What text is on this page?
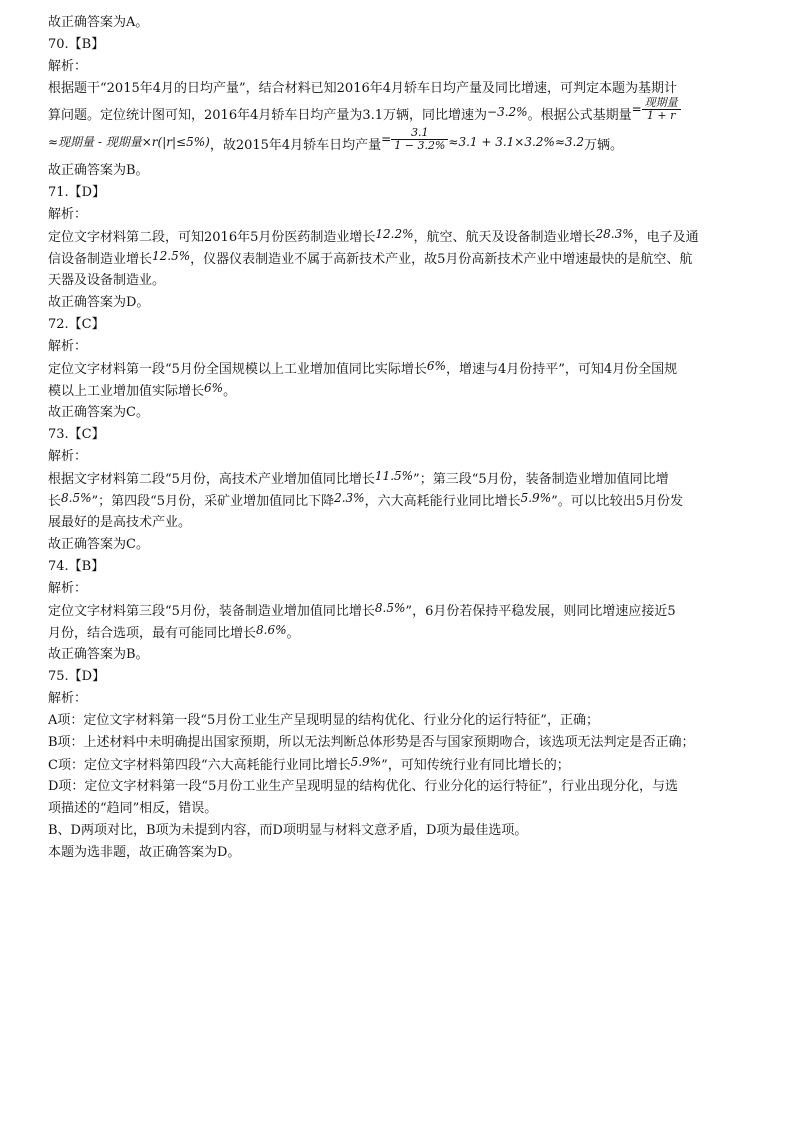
故正确答案为A。
70.【B】
解析：
根据题干“2015年4月的日均产量”，结合材料已知2016年4月轿车日均产量及同比增速，可判定本题为基期计
算问题。定位统计图可知，2016年4月轿车日均产量为3.1万辆，同比增速为−3.2%。根据公式基期量= $\frac{\text{现期量}}{1 + r}$
≈现期量 - 现期量×r(|r|≤5%)，故2015年4月轿车日均产量= $\frac{3.1}{1 - 3.2\%} \approx 3.1 + 3.1\times 3.2\%\approx 3.2$万辆。
故正确答案为B。
71.【D】
解析：
定位文字材料第二段，可知2016年5月份医药制造业增长12.2%，航空、航天及设备制造业增长28.3%，电子及通
信设备制造业增长12.5%，仪器仪表制造业不属于高新技术产业，故5月份高新技术产业中增速最快的是航空、航
天器及设备制造业。
故正确答案为D。
72.【C】
解析：
定位文字材料第一段“5月份全国规模以上工业增加值同比实际增长6%，增速与4月份持平”，可知4月份全国规
模以上工业增加值实际增长6%。
故正确答案为C。
73.【C】
解析：
根据文字材料第二段“5月份，高技术产业增加值同比增长11.5%”；第三段“5月份，装备制造业增加值同比增
长8.5%”；第四段“5月份，采矿业增加值同比下降2.3%，六大高耗能行业同比增长5.9%”。可以比较出5月份发
展最好的是高技术产业。
故正确答案为C。
74.【B】
解析：
定位文字材料第三段“5月份，装备制造业增加值同比增长8.5%”，6月份若保持平稳发展，则同比增速应接近5
月份，结合选项，最有可能同比增长8.6%。
故正确答案为B。
75.【D】
解析：
A项：定位文字材料第一段“5月份工业生产呈现明显的结构优化、行业分化的运行特征”，正确；
B项：上述材料中未明确提出国家预期，所以无法判断总体形势是否与国家预期吻合，该选项无法判定是否正确；
C项：定位文字材料第四段“六大高耗能行业同比增长5.9%”，可知传统行业有同比增长的；
D项：定位文字材料第一段“5月份工业生产呈现明显的结构优化、行业分化的运行特征”，行业出现分化，与选
项描述的“趋同”相反，错误。
B、D两项对比，B项为未提到内容，而D项明显与材料文意矛盾，D项为最佳选项。
本题为选非题，故正确答案为D。
